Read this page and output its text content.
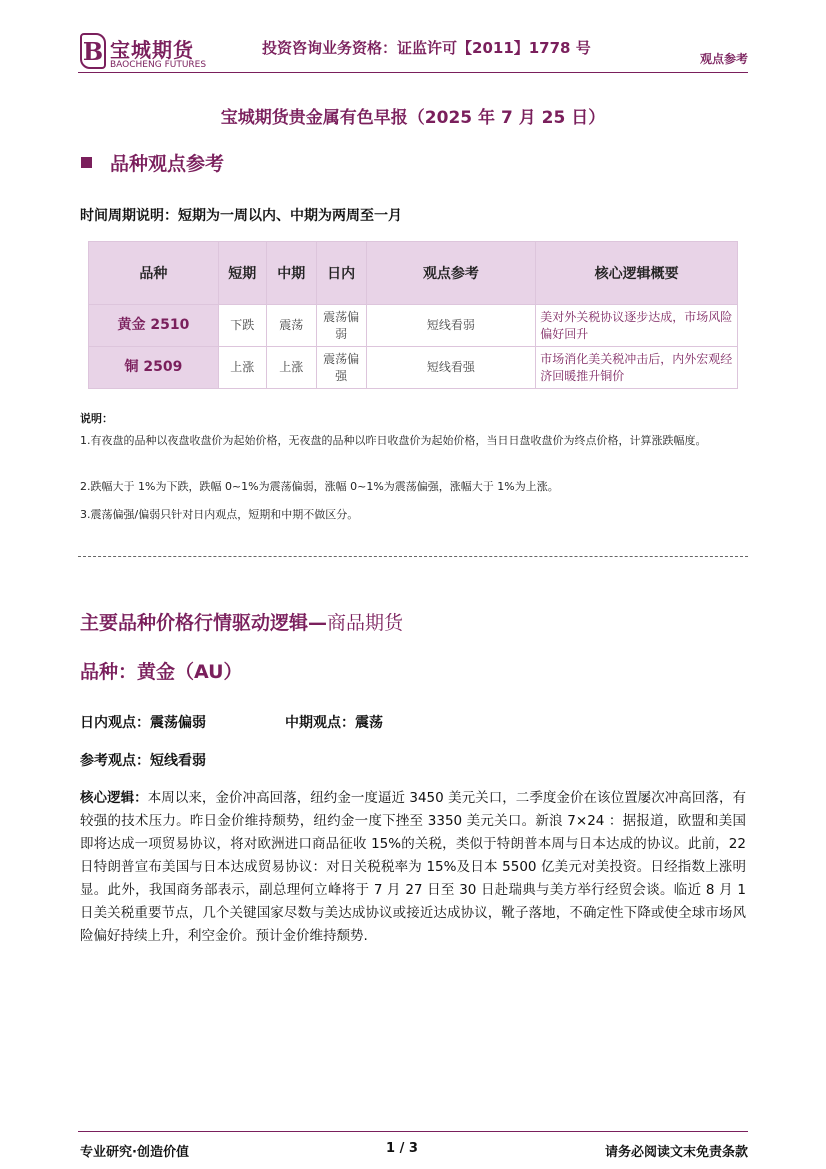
B 宝城期货
BAOCHENG FUTURES
投资咨询业务资格：证监许可【2011】1778 号
观点参考
宝城期货贵金属有色早报（2025 年 7 月 25 日）
品种观点参考
时间周期说明：短期为一周以内、中期为两周至一月
品种	短期	中期	日内	观点参考	核心逻辑概要
黄金 2510	下跌	震荡	震荡偏弱	短线看弱	美对外关税协议逐步达成，市场风险偏好回升
铜 2509	上涨	上涨	震荡偏强	短线看强	市场消化美关税冲击后，内外宏观经济回暖推升铜价
说明：
1.有夜盘的品种以夜盘收盘价为起始价格，无夜盘的品种以昨日收盘价为起始价格，当日日盘收盘价为终点价格，计算涨跌幅度。
2.跌幅大于 1%为下跌，跌幅 0~1%为震荡偏弱，涨幅 0~1%为震荡偏强，涨幅大于 1%为上涨。
3.震荡偏强/偏弱只针对日内观点，短期和中期不做区分。
主要品种价格行情驱动逻辑—商品期货
品种：黄金（AU）
日内观点：震荡偏弱	中期观点：震荡
参考观点：短线看弱
核心逻辑：本周以来，金价冲高回落，纽约金一度逼近 3450 美元关口，二季度金价在该位置屡次冲高回落，有较强的技术压力。昨日金价维持颓势，纽约金一度下挫至 3350 美元关口。新浪 7×24 ：据报道，欧盟和美国即将达成一项贸易协议，将对欧洲进口商品征收 15%的关税，类似于特朗普本周与日本达成的协议。此前，22 日特朗普宣布美国与日本达成贸易协议：对日关税税率为 15%及日本 5500 亿美元对美投资。日经指数上涨明显。此外，我国商务部表示，副总理何立峰将于 7 月 27 日至 30 日赴瑞典与美方举行经贸会谈。临近 8 月 1 日美关税重要节点，几个关键国家尽数与美达成协议或接近达成协议，靴子落地，不确定性下降或使全球市场风险偏好持续上升，利空金价。预计金价维持颓势.
专业研究·创造价值	1 / 3	请务必阅读文末免责条款
